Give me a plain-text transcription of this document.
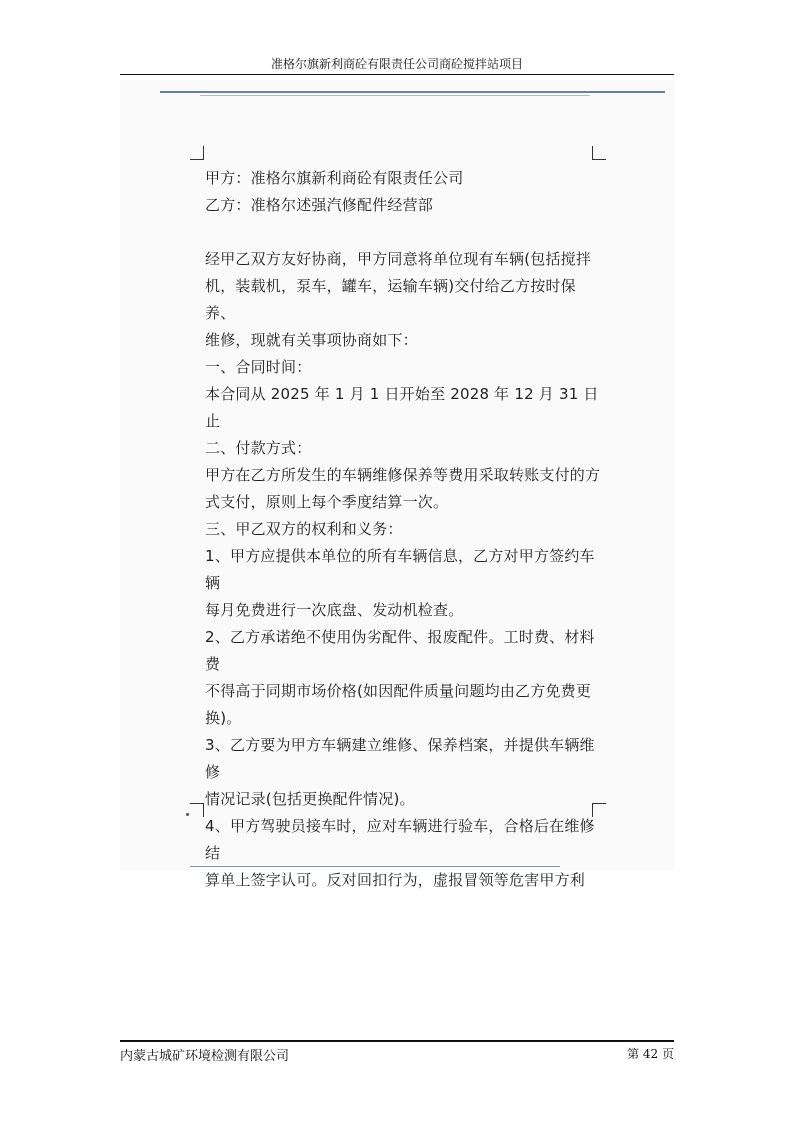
准格尔旗新利商砼有限责任公司商砼搅拌站项目

甲方：准格尔旗新利商砼有限责任公司

乙方：准格尔述强汽修配件经营部

经甲乙双方友好协商，甲方同意将单位现有车辆(包括搅拌

机，装载机，泵车，罐车，运输车辆)交付给乙方按时保养、

维修，现就有关事项协商如下：

一、合同时间：

本合同从 2025 年 1 月 1 日开始至 2028 年 12 月 31 日止

二、付款方式：

甲方在乙方所发生的车辆维修保养等费用采取转账支付的方

式支付，原则上每个季度结算一次。

三、甲乙双方的权利和义务：

1、甲方应提供本单位的所有车辆信息，乙方对甲方签约车辆

每月免费进行一次底盘、发动机检查。

2、乙方承诺绝不使用伪劣配件、报废配件。工时费、材料费

不得高于同期市场价格(如因配件质量问题均由乙方免费更

换)。

3、乙方要为甲方车辆建立维修、保养档案，并提供车辆维修

情况记录(包括更换配件情况)。

4、甲方驾驶员接车时，应对车辆进行验车，合格后在维修结

算单上签字认可。反对回扣行为，虚报冒领等危害甲方利

内蒙古城矿环境检测有限公司	第 42 页
